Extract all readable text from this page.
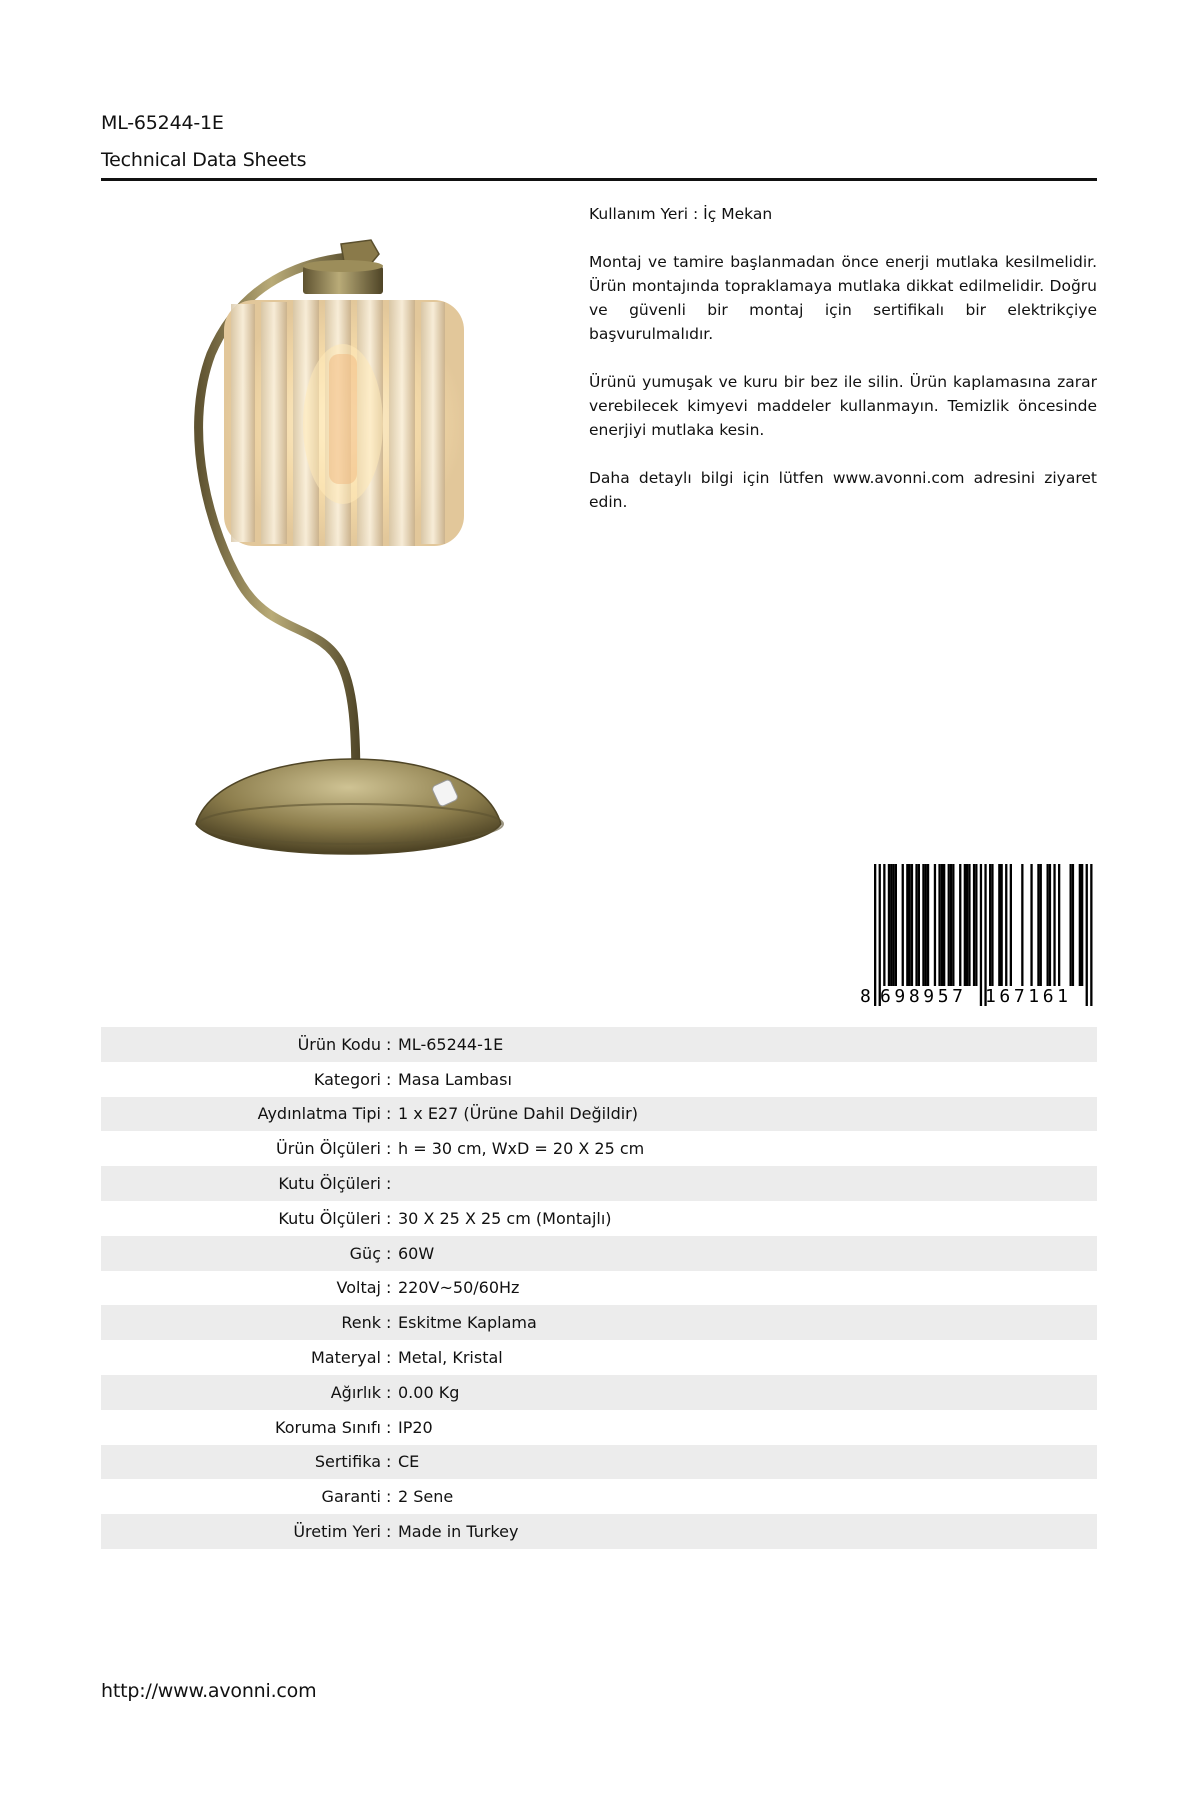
ML-65244-1E
Technical Data Sheets

Kullanım Yeri : İç Mekan

Montaj ve tamire başlanmadan önce enerji mutlaka kesilmelidir. Ürün montajında topraklamaya mutlaka dikkat edilmelidir. Doğru ve güvenli bir montaj için sertifikalı bir elektrikçiye başvurulmalıdır.

Ürünü yumuşak ve kuru bir bez ile silin. Ürün kaplamasına zarar verebilecek kimyevi maddeler kullanmayın. Temizlik öncesinde enerjiyi mutlaka kesin.

Daha detaylı bilgi için lütfen www.avonni.com adresini ziyaret edin.

8 698957 167161
Ürün Kodu : ML-65244-1E
Kategori : Masa Lambası
Aydınlatma Tipi : 1 x E27 (Ürüne Dahil Değildir)
Ürün Ölçüleri : h = 30 cm, WxD = 20 X 25 cm
Kutu Ölçüleri :
Kutu Ölçüleri : 30 X 25 X 25 cm (Montajlı)
Güç : 60W
Voltaj : 220V~50/60Hz
Renk : Eskitme Kaplama
Materyal : Metal, Kristal
Ağırlık : 0.00 Kg
Koruma Sınıfı : IP20
Sertifika : CE
Garanti : 2 Sene
Üretim Yeri : Made in Turkey
http://www.avonni.com
